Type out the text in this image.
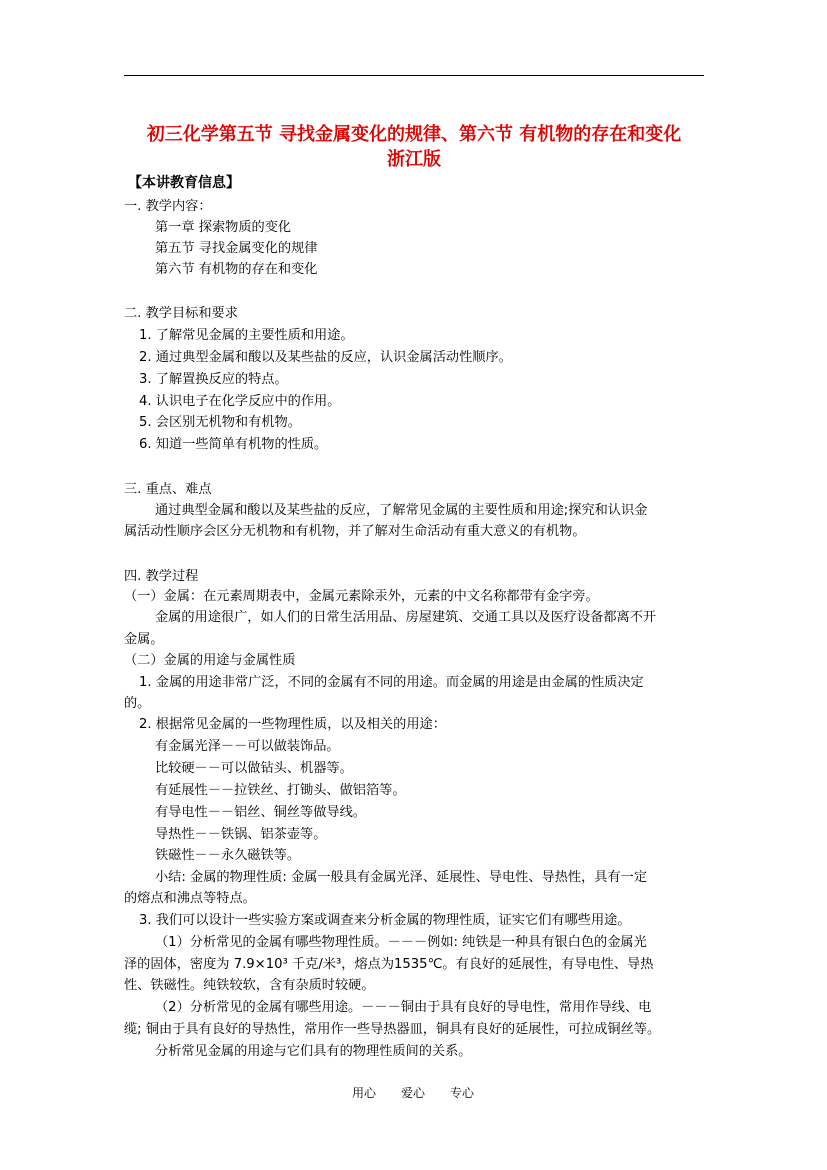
初三化学第五节 寻找金属变化的规律、第六节 有机物的存在和变化
浙江版
【本讲教育信息】
一. 教学内容：
第一章 探索物质的变化
第五节 寻找金属变化的规律
第六节 有机物的存在和变化
二. 教学目标和要求
1. 了解常见金属的主要性质和用途。
2. 通过典型金属和酸以及某些盐的反应，认识金属活动性顺序。
3. 了解置换反应的特点。
4. 认识电子在化学反应中的作用。
5. 会区别无机物和有机物。
6. 知道一些简单有机物的性质。
三. 重点、难点
通过典型金属和酸以及某些盐的反应，了解常见金属的主要性质和用途;探究和认识金
属活动性顺序会区分无机物和有机物，并了解对生命活动有重大意义的有机物。
四. 教学过程
（一）金属：在元素周期表中，金属元素除汞外，元素的中文名称都带有金字旁。
金属的用途很广，如人们的日常生活用品、房屋建筑、交通工具以及医疗设备都离不开
金属。
（二）金属的用途与金属性质
1. 金属的用途非常广泛，不同的金属有不同的用途。而金属的用途是由金属的性质决定
的。
2. 根据常见金属的一些物理性质，以及相关的用途：
有金属光泽－－可以做装饰品。
比较硬－－可以做钻头、机器等。
有延展性－－拉铁丝、打锄头、做铝箔等。
有导电性－－铝丝、铜丝等做导线。
导热性－－铁锅、铝茶壶等。
铁磁性－－永久磁铁等。
小结: 金属的物理性质: 金属一般具有金属光泽、延展性、导电性、导热性，具有一定
的熔点和沸点等特点。
3. 我们可以设计一些实验方案或调查来分析金属的物理性质，证实它们有哪些用途。
（1）分析常见的金属有哪些物理性质。－－－例如: 纯铁是一种具有银白色的金属光
泽的固体，密度为 7.9×10³ 千克/米³，熔点为1535℃。有良好的延展性，有导电性、导热
性、铁磁性。纯铁较软，含有杂质时较硬。
（2）分析常见的金属有哪些用途。－－－铜由于具有良好的导电性，常用作导线、电
缆; 铜由于具有良好的导热性，常用作一些导热器皿，铜具有良好的延展性，可拉成铜丝等。
分析常见金属的用途与它们具有的物理性质间的关系。
用心 爱心 专心
